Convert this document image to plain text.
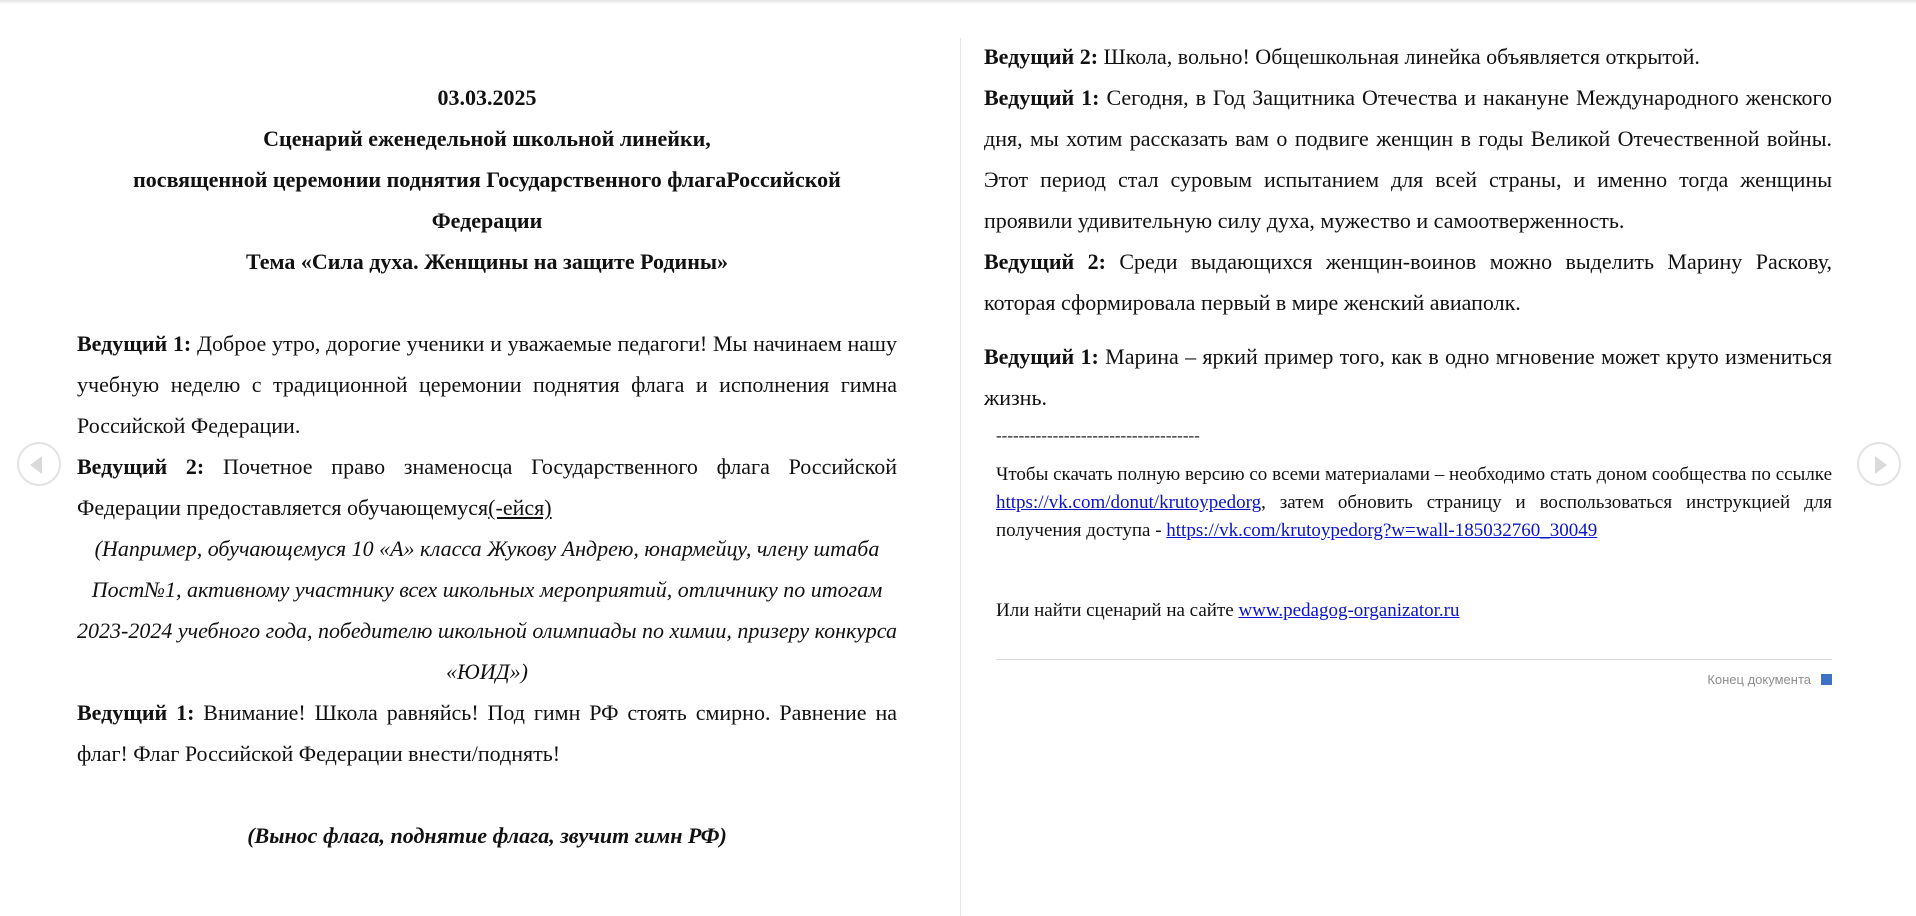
03.03.2025

Сценарий еженедельной школьной линейки,

посвященной церемонии поднятия Государственного флагаРоссийской Федерации

Тема «Сила духа. Женщины на защите Родины»

Ведущий 1: Доброе утро, дорогие ученики и уважаемые педагоги! Мы начинаем нашу учебную неделю с традиционной церемонии поднятия флага и исполнения гимна Российской Федерации.

Ведущий 2: Почетное право знаменосца Государственного флага Российской Федерации предоставляется обучающемуся(-ейся)

(Например, обучающемуся 10 «А» класса Жукову Андрею, юнармейцу, члену штаба Пост№1, активному участнику всех школьных мероприятий, отличнику по итогам 2023-2024 учебного года, победителю школьной олимпиады по химии, призеру конкурса «ЮИД»)

Ведущий 1: Внимание! Школа равняйсь! Под гимн РФ стоять смирно. Равнение на флаг! Флаг Российской Федерации внести/поднять!

(Вынос флага, поднятие флага, звучит гимн РФ)

Ведущий 2: Школа, вольно! Общешкольная линейка объявляется открытой.

Ведущий 1: Сегодня, в Год Защитника Отечества и накануне Международного женского дня, мы хотим рассказать вам о подвиге женщин в годы Великой Отечественной войны. Этот период стал суровым испытанием для всей страны, и именно тогда женщины проявили удивительную силу духа, мужество и самоотверженность.

Ведущий 2: Среди выдающихся женщин-воинов можно выделить Марину Раскову, которая сформировала первый в мире женский авиаполк.

Ведущий 1: Марина – яркий пример того, как в одно мгновение может круто измениться жизнь.

------------------------------------

Чтобы скачать полную версию со всеми материалами – необходимо стать доном сообщества по ссылке https://vk.com/donut/krutoypedorg, затем обновить страницу и воспользоваться инструкцией для получения доступа - https://vk.com/krutoypedorg?w=wall-185032760_30049

Или найти сценарий на сайте www.pedagog-organizator.ru

Конец документа
